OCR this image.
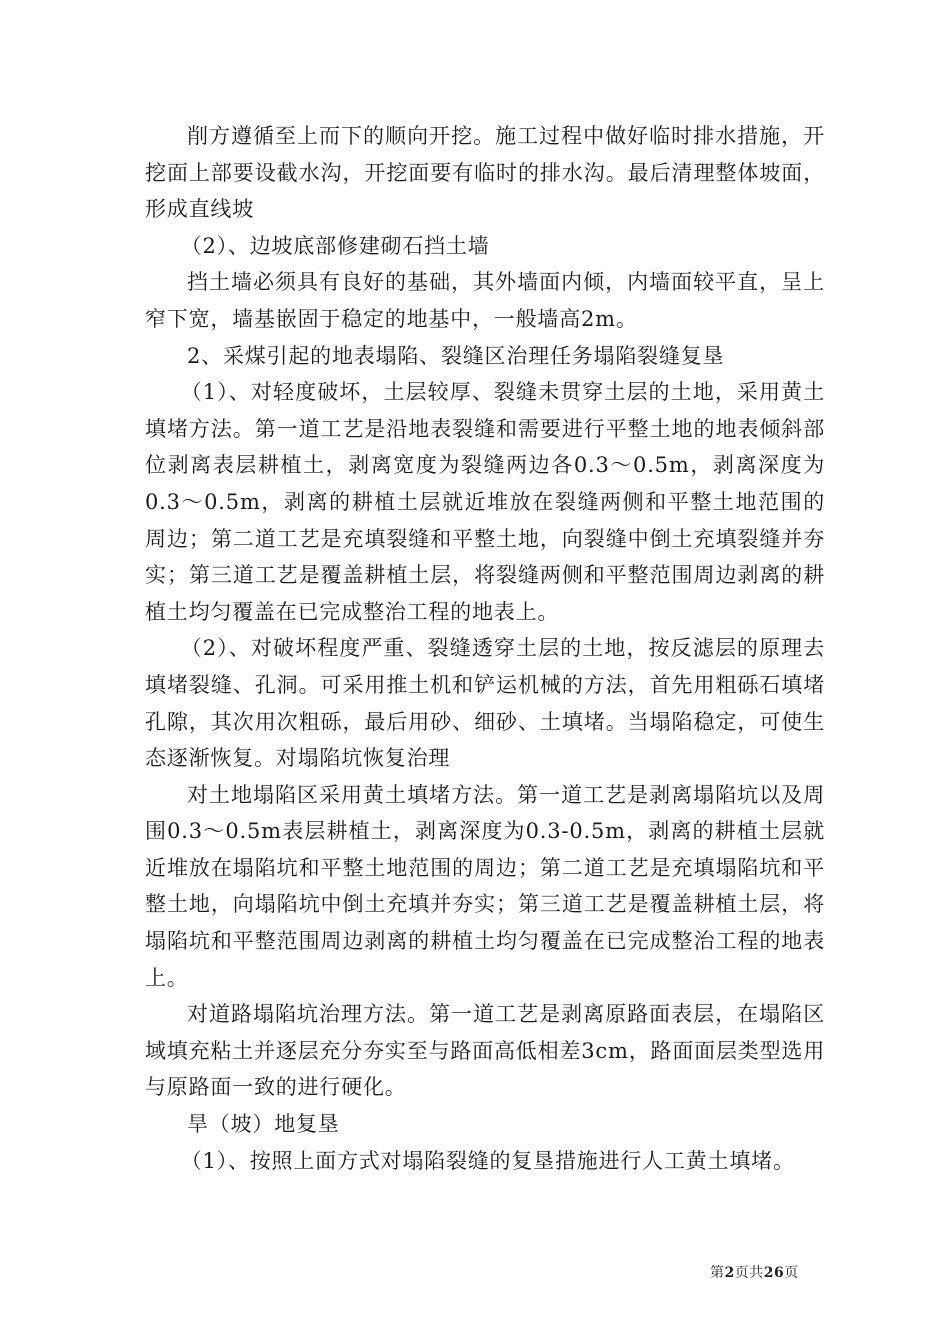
削方遵循至上而下的顺向开挖。施工过程中做好临时排水措施，开挖面上部要设截水沟，开挖面要有临时的排水沟。最后清理整体坡面，形成直线坡

（2）、边坡底部修建砌石挡土墙

挡土墙必须具有良好的基础，其外墙面内倾，内墙面较平直，呈上窄下宽，墙基嵌固于稳定的地基中，一般墙高2m。

2、采煤引起的地表塌陷、裂缝区治理任务塌陷裂缝复垦

（1）、对轻度破坏，土层较厚、裂缝未贯穿土层的土地，采用黄土填堵方法。第一道工艺是沿地表裂缝和需要进行平整土地的地表倾斜部位剥离表层耕植土，剥离宽度为裂缝两边各0.3～0.5m，剥离深度为0.3～0.5m，剥离的耕植土层就近堆放在裂缝两侧和平整土地范围的周边；第二道工艺是充填裂缝和平整土地，向裂缝中倒土充填裂缝并夯实；第三道工艺是覆盖耕植土层，将裂缝两侧和平整范围周边剥离的耕植土均匀覆盖在已完成整治工程的地表上。

（2）、对破坏程度严重、裂缝透穿土层的土地，按反滤层的原理去填堵裂缝、孔洞。可采用推土机和铲运机械的方法，首先用粗砾石填堵孔隙，其次用次粗砾，最后用砂、细砂、土填堵。当塌陷稳定，可使生态逐渐恢复。对塌陷坑恢复治理

对土地塌陷区采用黄土填堵方法。第一道工艺是剥离塌陷坑以及周围0.3～0.5m表层耕植土，剥离深度为0.3-0.5m，剥离的耕植土层就近堆放在塌陷坑和平整土地范围的周边；第二道工艺是充填塌陷坑和平整土地，向塌陷坑中倒土充填并夯实；第三道工艺是覆盖耕植土层，将塌陷坑和平整范围周边剥离的耕植土均匀覆盖在已完成整治工程的地表上。

对道路塌陷坑治理方法。第一道工艺是剥离原路面表层，在塌陷区域填充粘土并逐层充分夯实至与路面高低相差3cm，路面面层类型选用与原路面一致的进行硬化。

旱（坡）地复垦

（1）、按照上面方式对塌陷裂缝的复垦措施进行人工黄土填堵。

第2页共26页
